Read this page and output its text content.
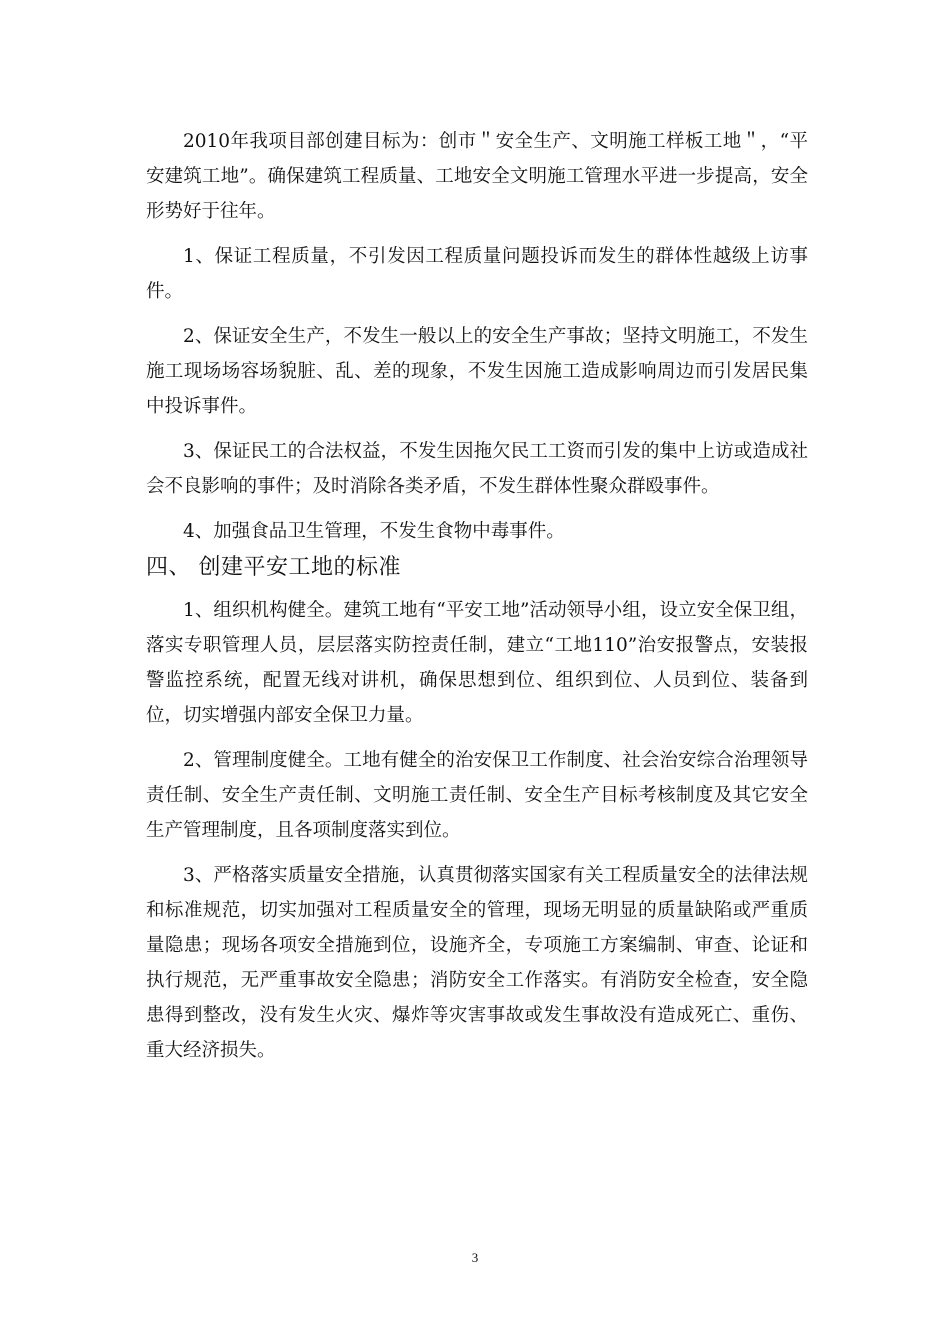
2010年我项目部创建目标为：创市＂安全生产、文明施工样板工地＂，“平安建筑工地”。确保建筑工程质量、工地安全文明施工管理水平进一步提高，安全形势好于往年。

1、保证工程质量，不引发因工程质量问题投诉而发生的群体性越级上访事件。

2、保证安全生产，不发生一般以上的安全生产事故；坚持文明施工，不发生施工现场场容场貌脏、乱、差的现象，不发生因施工造成影响周边而引发居民集中投诉事件。

3、保证民工的合法权益，不发生因拖欠民工工资而引发的集中上访或造成社会不良影响的事件；及时消除各类矛盾，不发生群体性聚众群殴事件。

4、加强食品卫生管理，不发生食物中毒事件。

四、 创建平安工地的标准

1、组织机构健全。建筑工地有“平安工地”活动领导小组，设立安全保卫组，落实专职管理人员，层层落实防控责任制，建立“工地110”治安报警点，安装报警监控系统，配置无线对讲机，确保思想到位、组织到位、人员到位、装备到位，切实增强内部安全保卫力量。

2、管理制度健全。工地有健全的治安保卫工作制度、社会治安综合治理领导责任制、安全生产责任制、文明施工责任制、安全生产目标考核制度及其它安全生产管理制度，且各项制度落实到位。

3、严格落实质量安全措施，认真贯彻落实国家有关工程质量安全的法律法规和标准规范，切实加强对工程质量安全的管理，现场无明显的质量缺陷或严重质量隐患；现场各项安全措施到位，设施齐全，专项施工方案编制、审查、论证和执行规范，无严重事故安全隐患；消防安全工作落实。有消防安全检查，安全隐患得到整改，没有发生火灾、爆炸等灾害事故或发生事故没有造成死亡、重伤、重大经济损失。

3
